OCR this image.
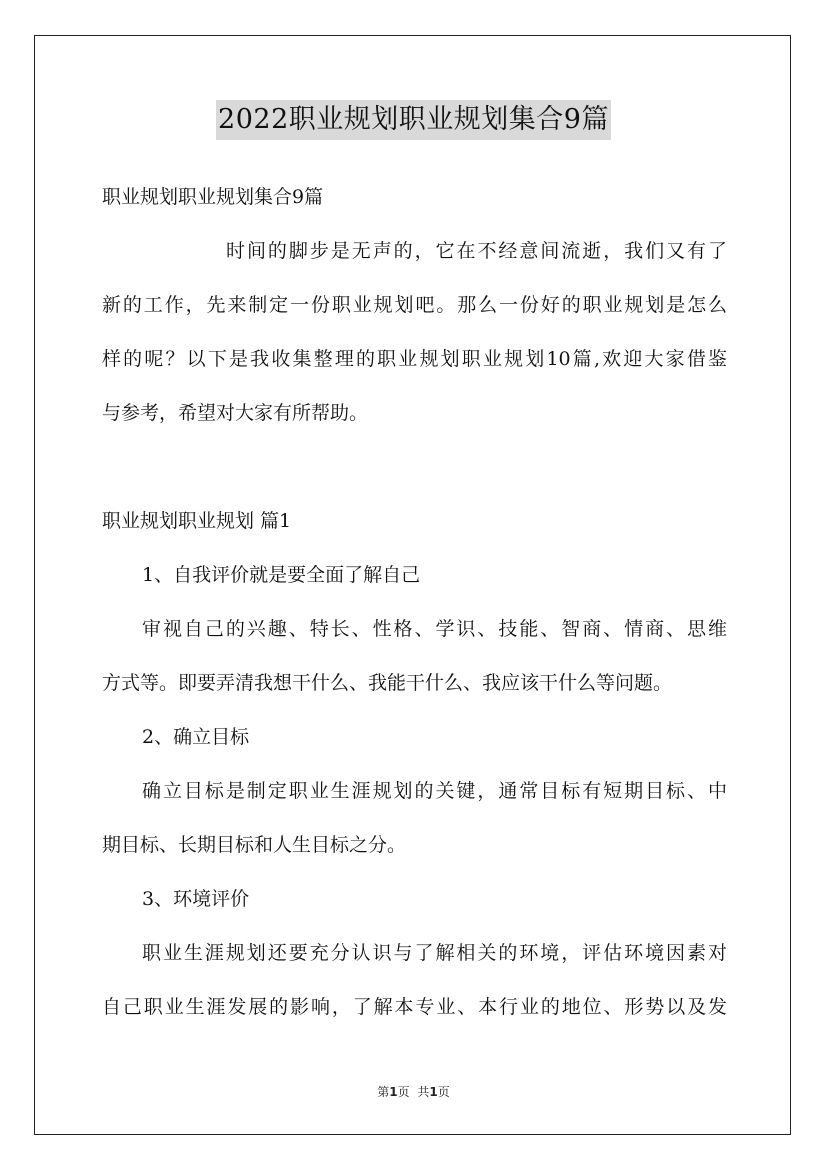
2022职业规划职业规划集合9篇
职业规划职业规划集合9篇
时间的脚步是无声的，它在不经意间流逝，我们又有了
新的工作，先来制定一份职业规划吧。那么一份好的职业规划是怎么
样的呢？以下是我收集整理的职业规划职业规划10篇,欢迎大家借鉴
与参考，希望对大家有所帮助。
职业规划职业规划 篇1
1、自我评价就是要全面了解自己
审视自己的兴趣、特长、性格、学识、技能、智商、情商、思维
方式等。即要弄清我想干什么、我能干什么、我应该干什么等问题。
2、确立目标
确立目标是制定职业生涯规划的关键，通常目标有短期目标、中
期目标、长期目标和人生目标之分。
3、环境评价
职业生涯规划还要充分认识与了解相关的环境，评估环境因素对
自己职业生涯发展的影响，了解本专业、本行业的地位、形势以及发
第1页 共1页
